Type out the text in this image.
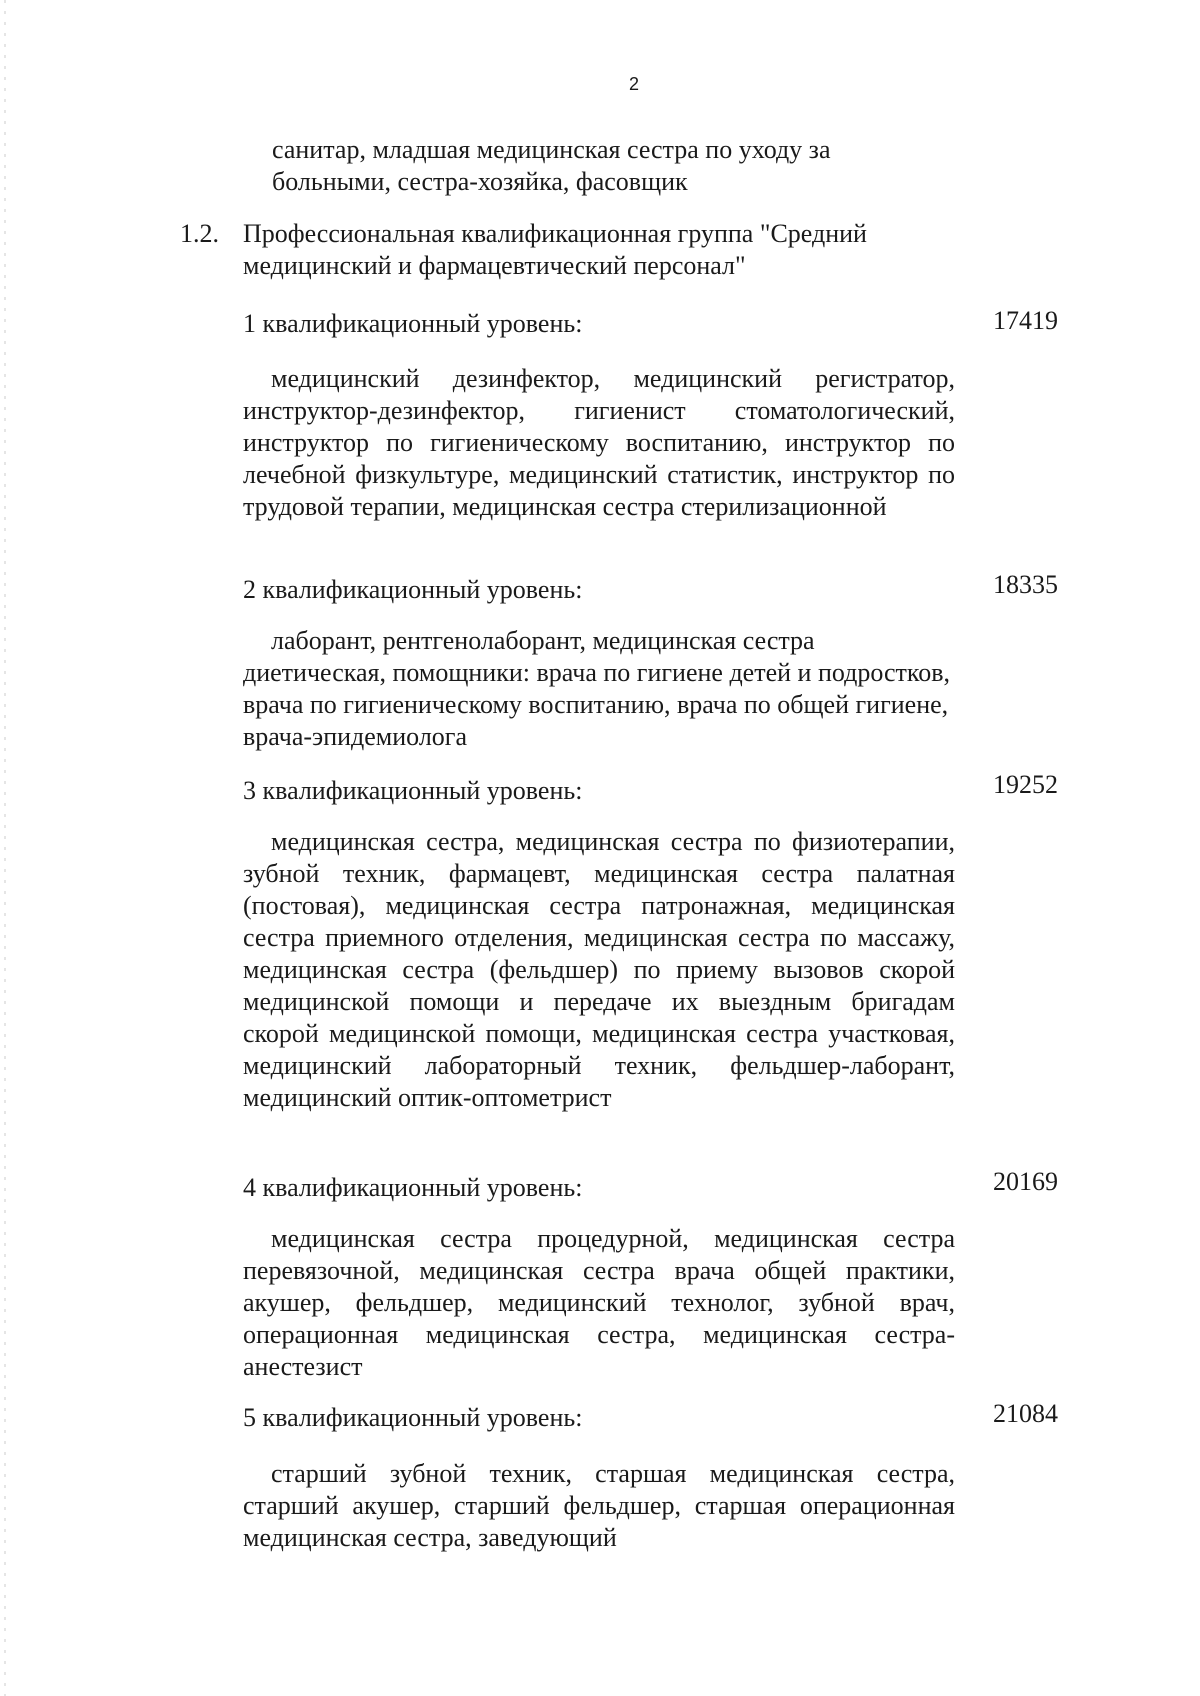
2

санитар, младшая медицинская сестра по уходу за больными, сестра-хозяйка, фасовщик

1.2. Профессиональная квалификационная группа "Средний медицинский и фармацевтический персонал"
1 квалификационный уровень:	17419

медицинский дезинфектор, медицинский регистратор, инструктор-дезинфектор, гигиенист стоматологический, инструктор по гигиеническому воспитанию, инструктор по лечебной физкультуре, медицинский статистик, инструктор по трудовой терапии, медицинская сестра стерилизационной

2 квалификационный уровень:	18335

лаборант, рентгенолаборант, медицинская сестра диетическая, помощники: врача по гигиене детей и подростков, врача по гигиеническому воспитанию, врача по общей гигиене, врача-эпидемиолога

3 квалификационный уровень:	19252

медицинская сестра, медицинская сестра по физиотерапии, зубной техник, фармацевт, медицинская сестра палатная (постовая), медицинская сестра патронажная, медицинская сестра приемного отделения, медицинская сестра по массажу, медицинская сестра (фельдшер) по приему вызовов скорой медицинской помощи и передаче их выездным бригадам скорой медицинской помощи, медицинская сестра участковая, медицинский лабораторный техник, фельдшер-лаборант, медицинский оптик-оптометрист

4 квалификационный уровень:	20169

медицинская сестра процедурной, медицинская сестра перевязочной, медицинская сестра врача общей практики, акушер, фельдшер, медицинский технолог, зубной врач, операционная медицинская сестра, медицинская сестра-анестезист

5 квалификационный уровень:	21084

старший зубной техник, старшая медицинская сестра, старший акушер, старший фельдшер, старшая операционная медицинская сестра, заведующий
